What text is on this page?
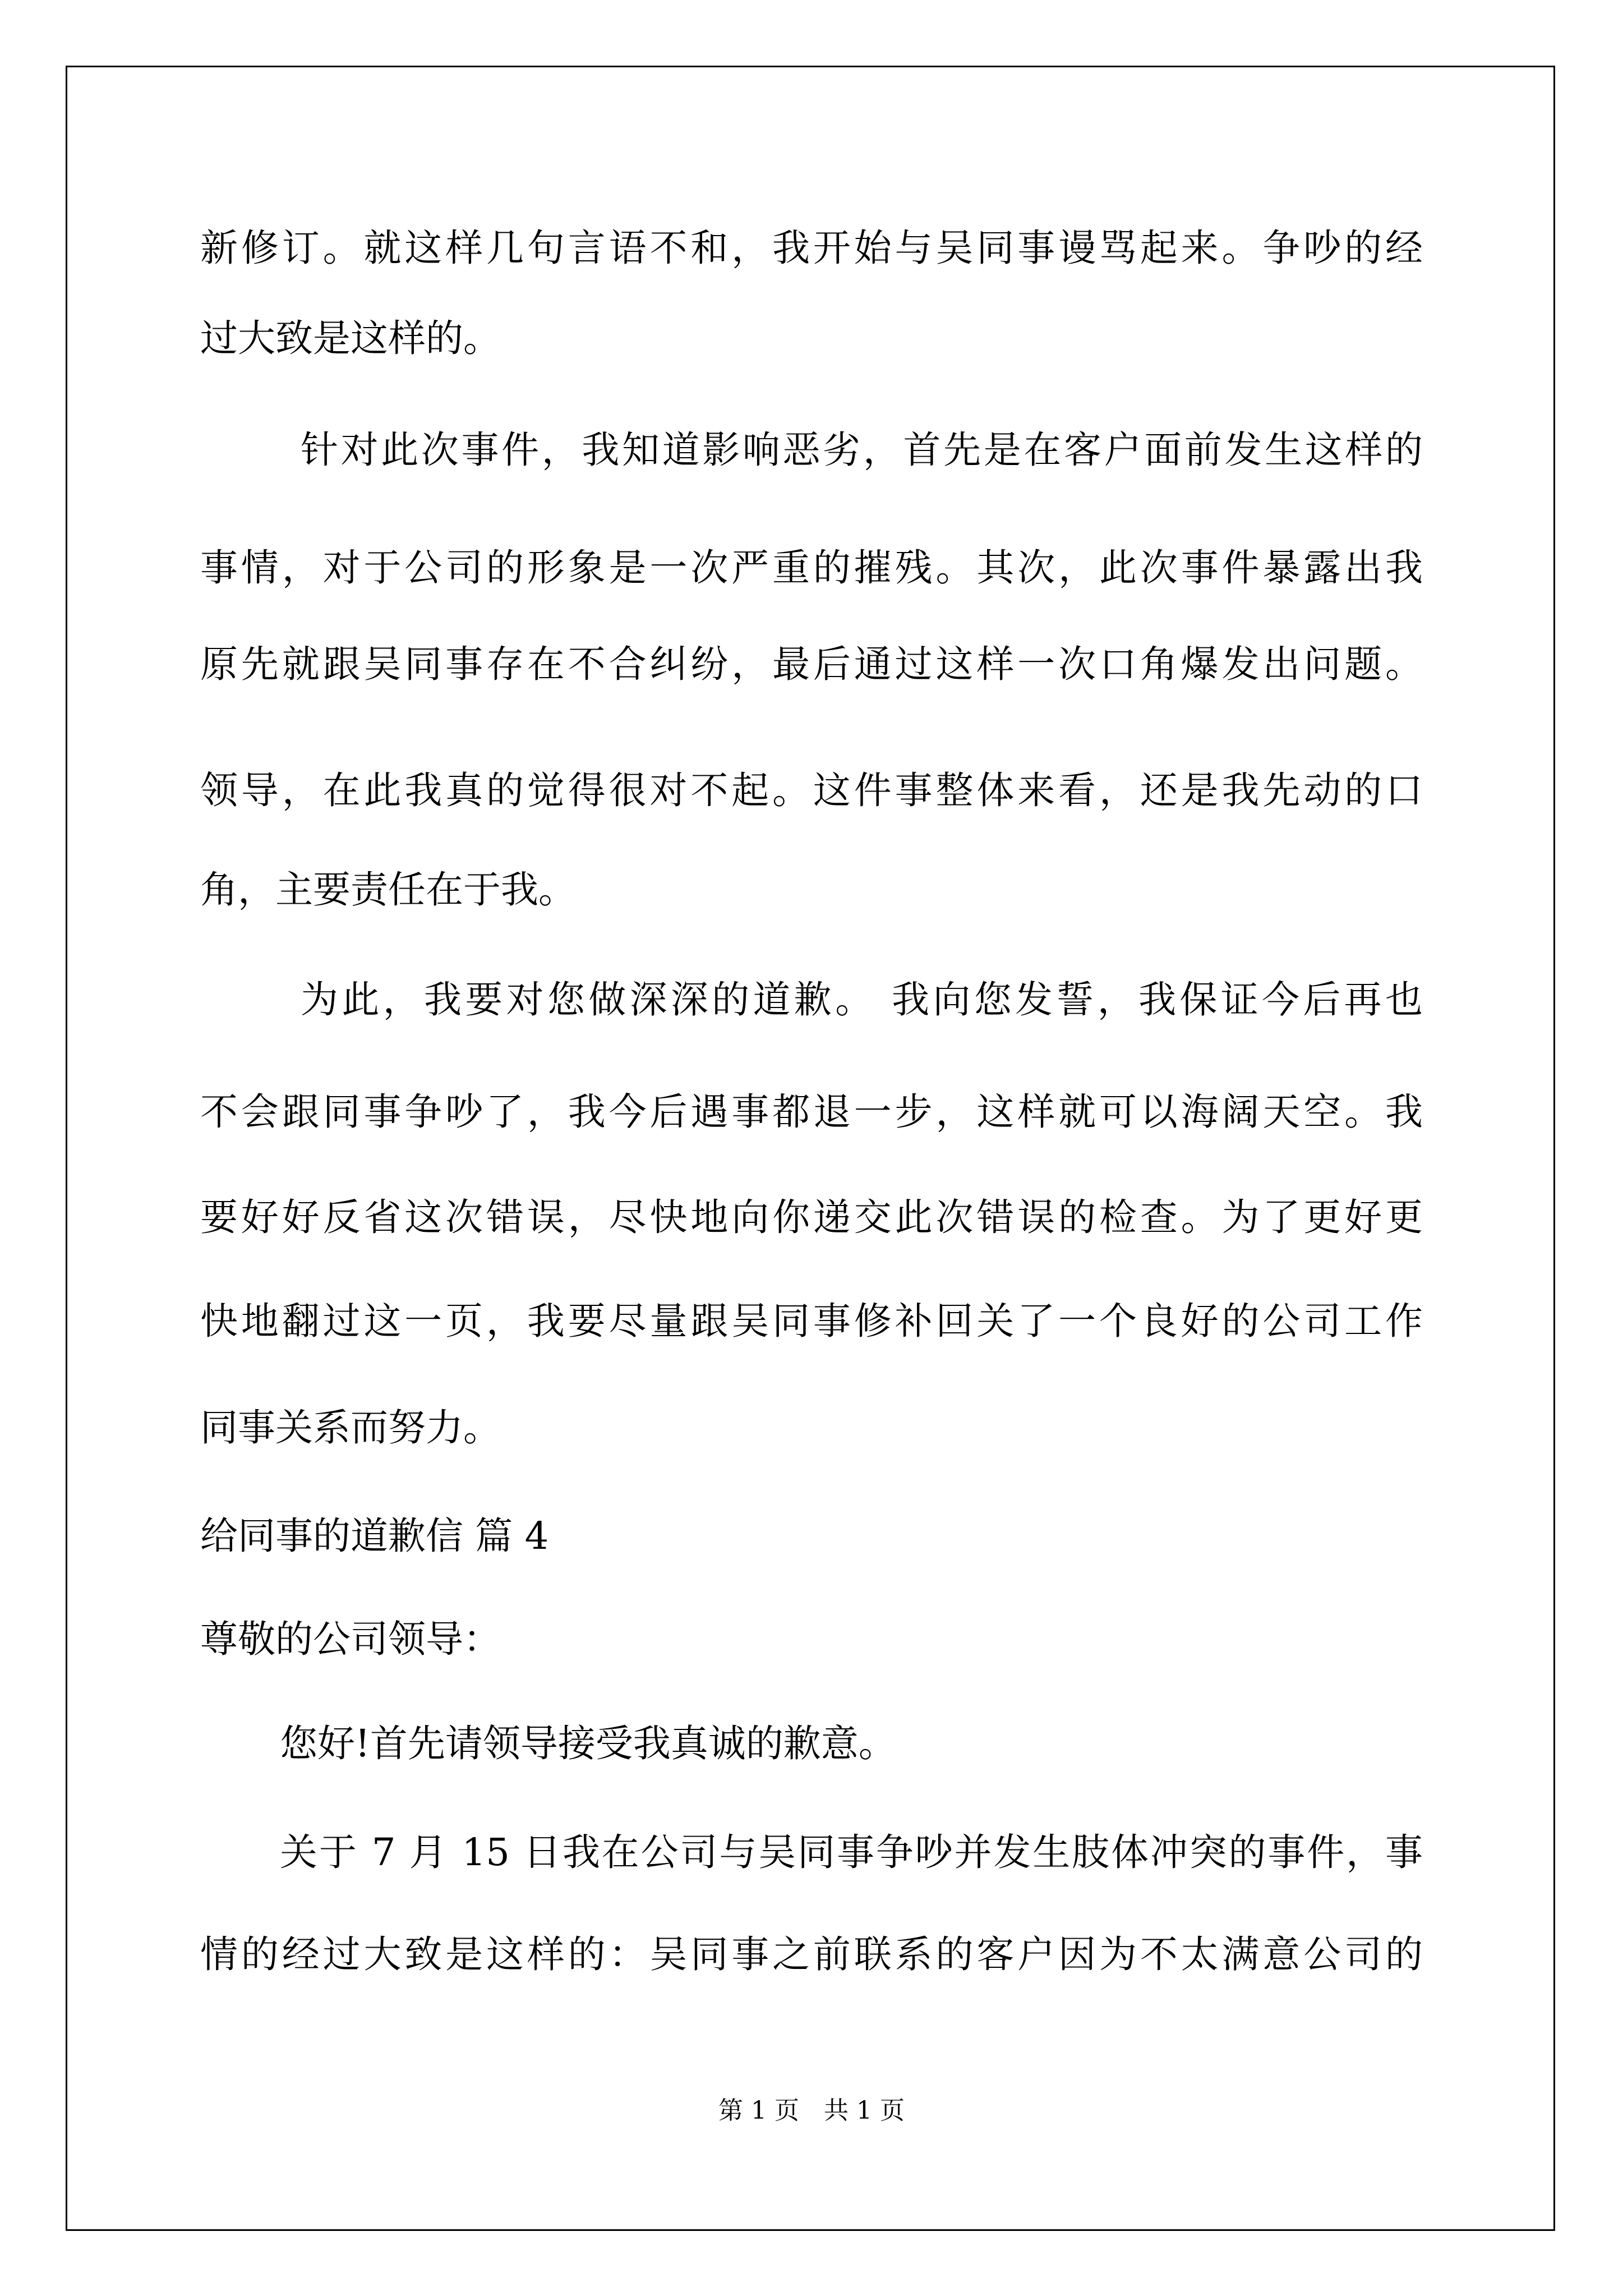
新修订。就这样几句言语不和，我开始与吴同事谩骂起来。争吵的经
过大致是这样的。
针对此次事件，我知道影响恶劣，首先是在客户面前发生这样的
事情，对于公司的形象是一次严重的摧残。其次，此次事件暴露出我
原先就跟吴同事存在不合纠纷，最后通过这样一次口角爆发出问题。
领导，在此我真的觉得很对不起。这件事整体来看，还是我先动的口
角，主要责任在于我。
为此，我要对您做深深的道歉。 我向您发誓，我保证今后再也
不会跟同事争吵了，我今后遇事都退一步，这样就可以海阔天空。我
要好好反省这次错误，尽快地向你递交此次错误的检查。为了更好更
快地翻过这一页，我要尽量跟吴同事修补回关了一个良好的公司工作
同事关系而努力。
给同事的道歉信 篇 4
尊敬的公司领导：
您好!首先请领导接受我真诚的歉意。
关于 7 月 15 日我在公司与吴同事争吵并发生肢体冲突的事件，事
情的经过大致是这样的：吴同事之前联系的客户因为不太满意公司的
第 1 页　共 1 页
